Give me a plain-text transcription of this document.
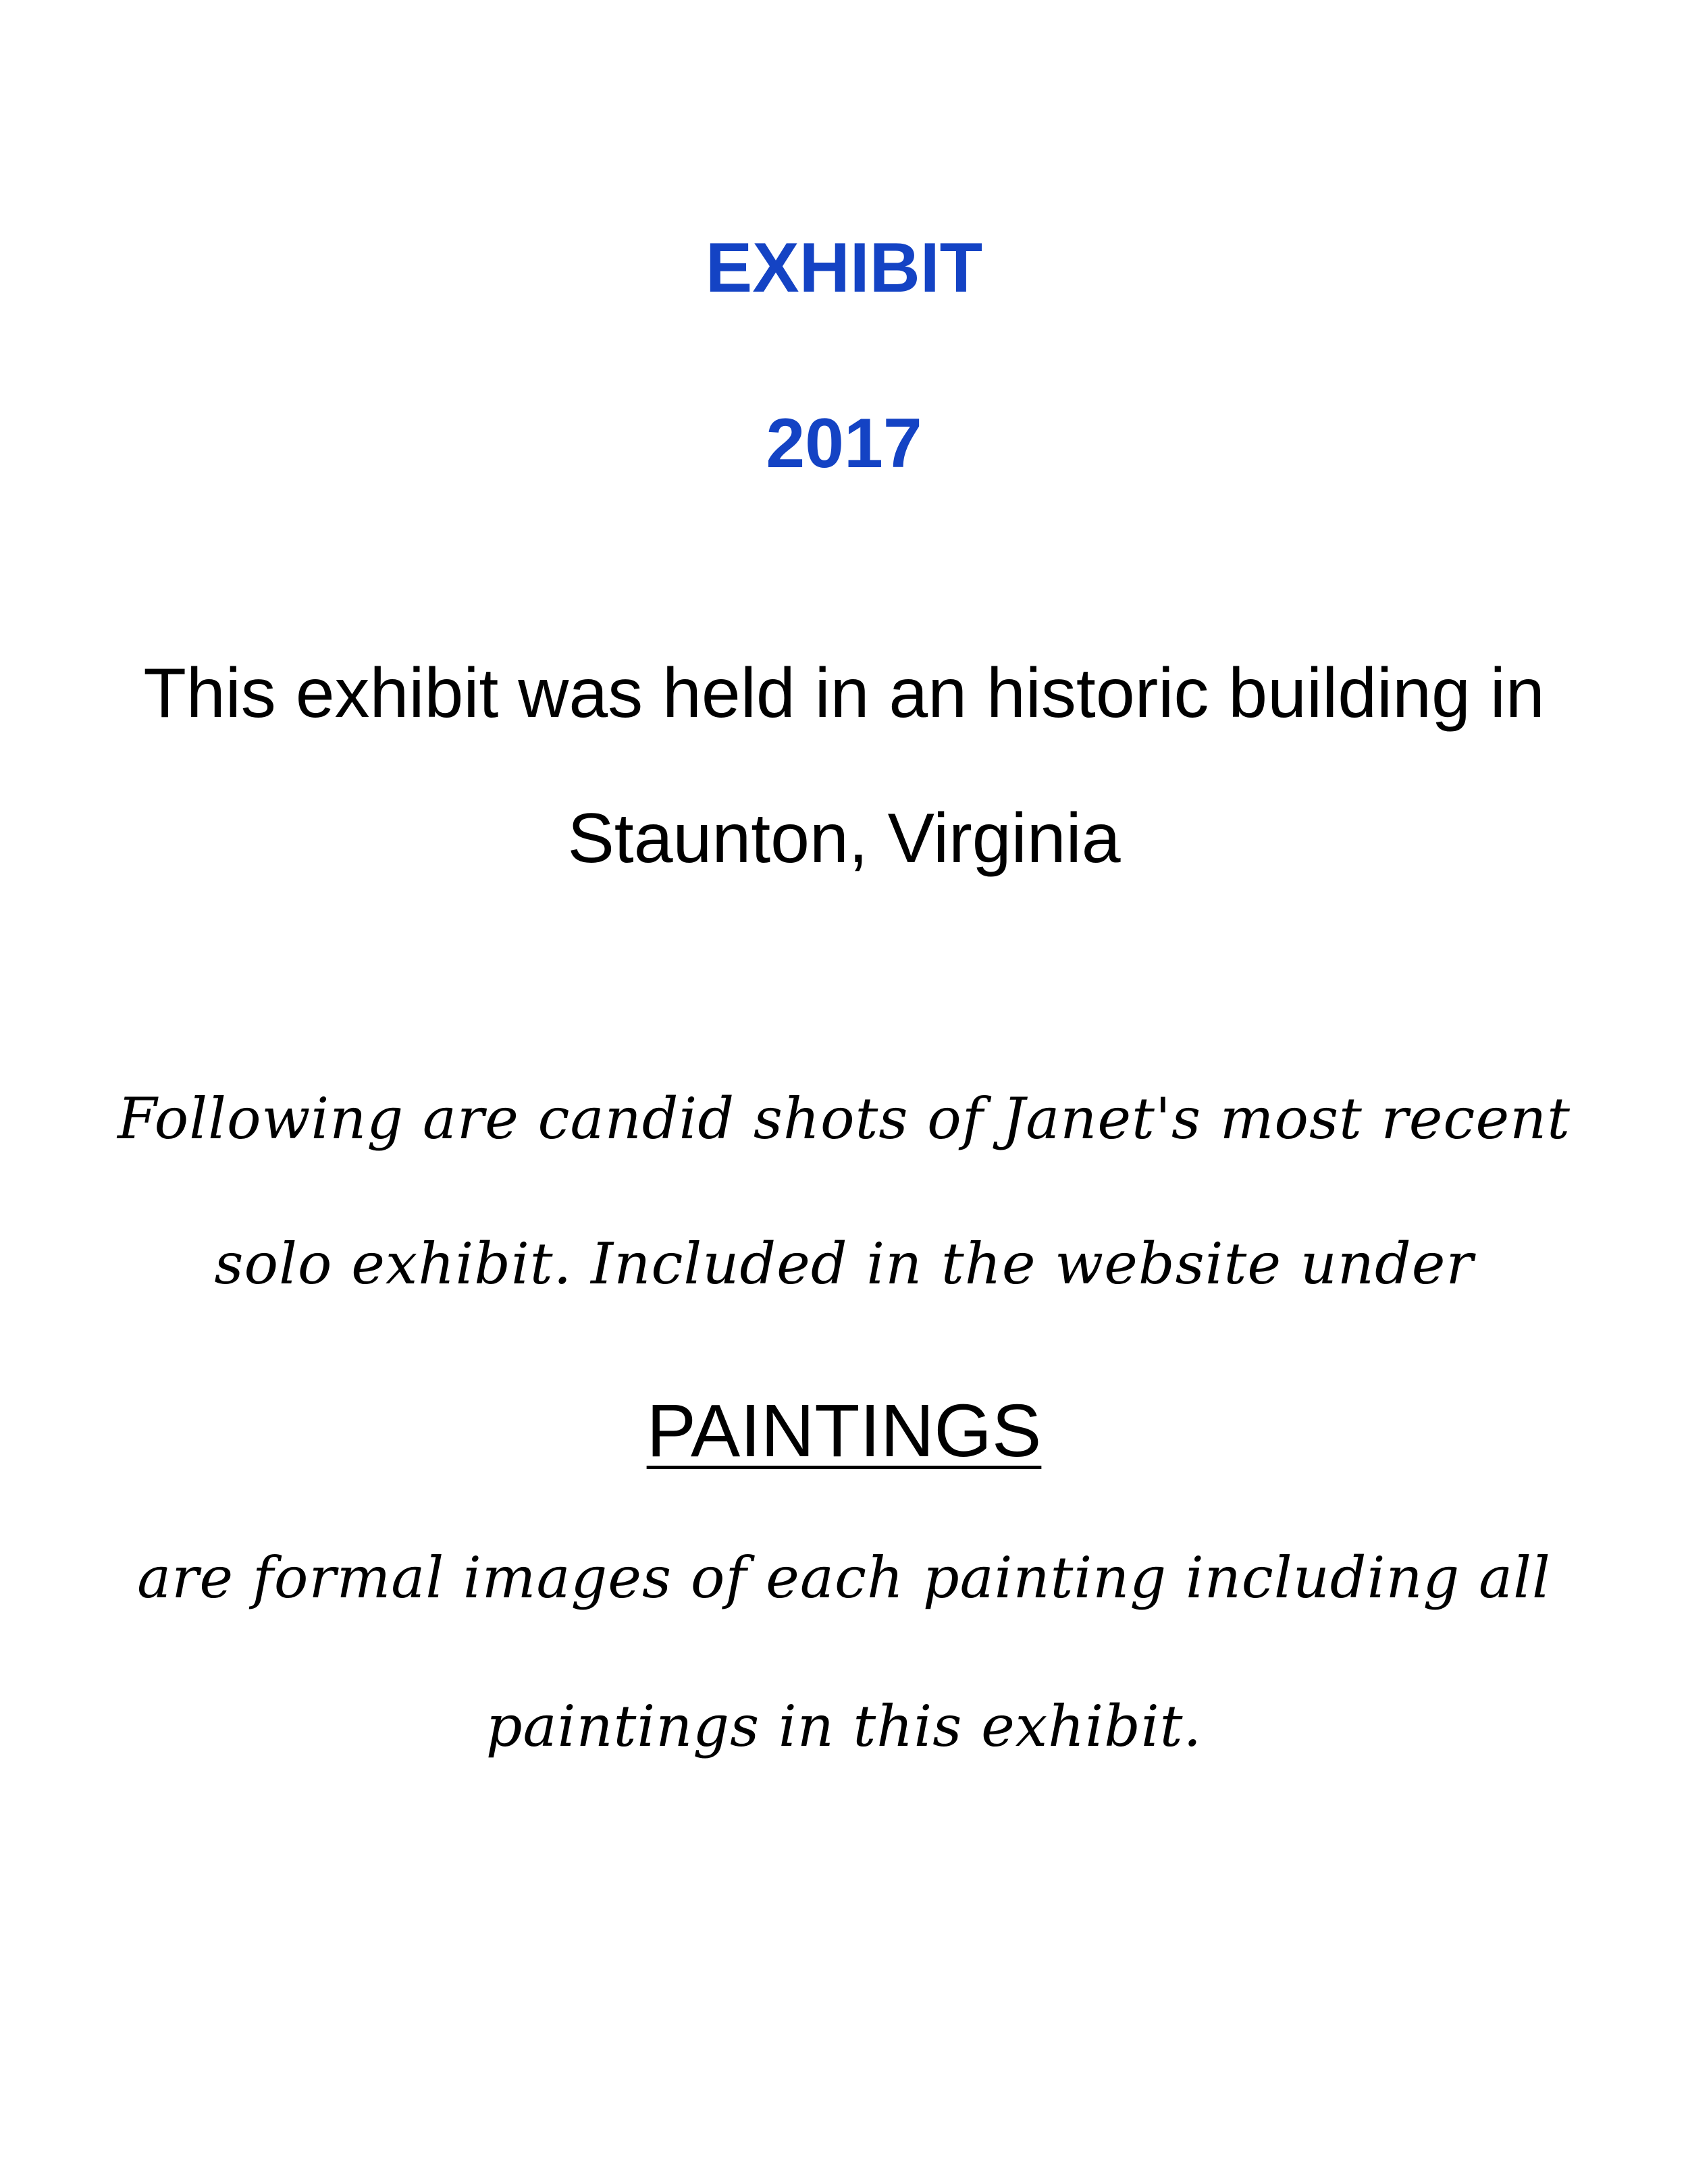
EXHIBIT
2017

This exhibit was held in an historic building in

Staunton, Virginia

Following are candid shots of Janet's most recent

solo exhibit. Included in the website under

PAINTINGS

are formal images of each painting including all

paintings in this exhibit.
